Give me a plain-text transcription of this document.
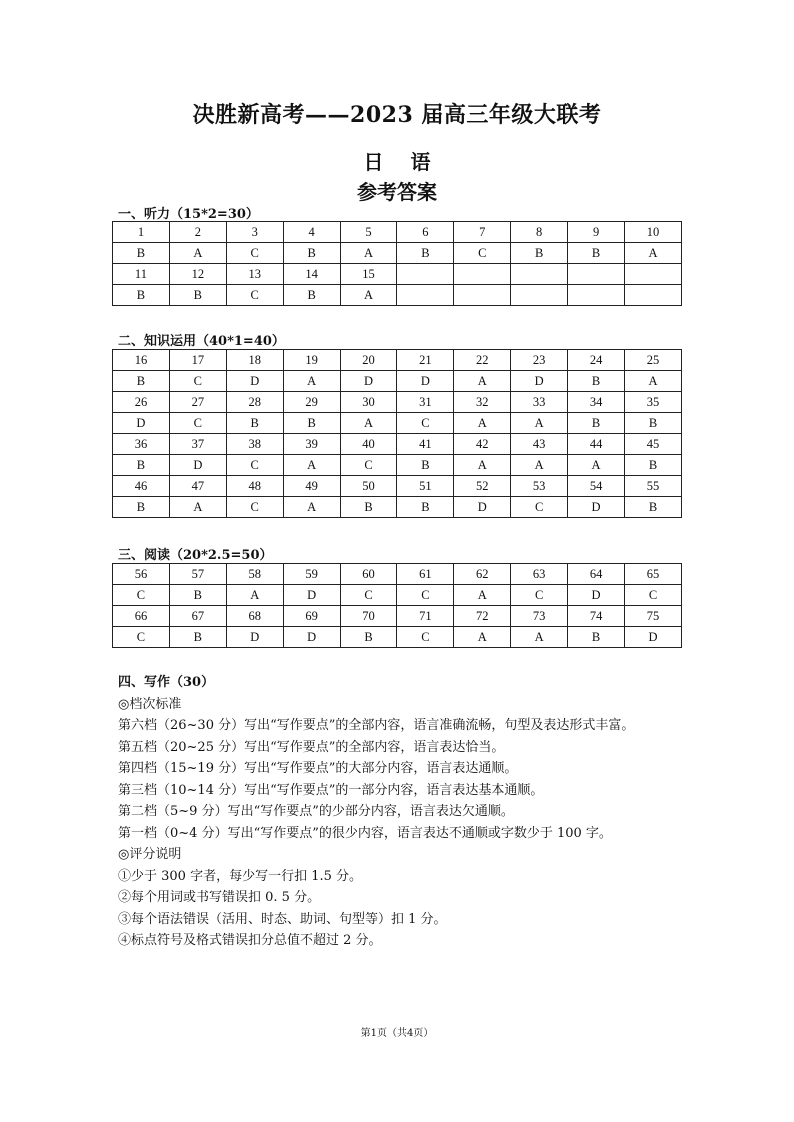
决胜新高考——2023 届高三年级大联考
日　 语
参考答案
一、听力（15*2=30）
1	2	3	4	5	6	7	8	9	10
B	A	C	B	A	B	C	B	B	A
11	12	13	14	15					
B	B	C	B	A					
二、知识运用（40*1=40）
16	17	18	19	20	21	22	23	24	25
B	C	D	A	D	D	A	D	B	A
26	27	28	29	30	31	32	33	34	35
D	C	B	B	A	C	A	A	B	B
36	37	38	39	40	41	42	43	44	45
B	D	C	A	C	B	A	A	A	B
46	47	48	49	50	51	52	53	54	55
B	A	C	A	B	B	D	C	D	B
三、阅读（20*2.5=50）
56	57	58	59	60	61	62	63	64	65
C	B	A	D	C	C	A	C	D	C
66	67	68	69	70	71	72	73	74	75
C	B	D	D	B	C	A	A	B	D
四、写作（30）
◎档次标准
第六档（26~30 分）写出“写作要点”的全部内容，语言准确流畅，句型及表达形式丰富。
第五档（20~25 分）写出“写作要点”的全部内容，语言表达恰当。
第四档（15~19 分）写出“写作要点”的大部分内容，语言表达通顺。
第三档（10~14 分）写出“写作要点”的一部分内容，语言表达基本通顺。
第二档（5~9 分）写出“写作要点”的少部分内容，语言表达欠通顺。
第一档（0~4 分）写出“写作要点”的很少内容，语言表达不通顺或字数少于 100 字。
◎评分说明
①少于 300 字者，每少写一行扣 1.5 分。
②每个用词或书写错误扣 0. 5 分。
③每个语法错误（活用、时态、助词、句型等）扣 1 分。
④标点符号及格式错误扣分总值不超过 2 分。
第1页（共4页）
